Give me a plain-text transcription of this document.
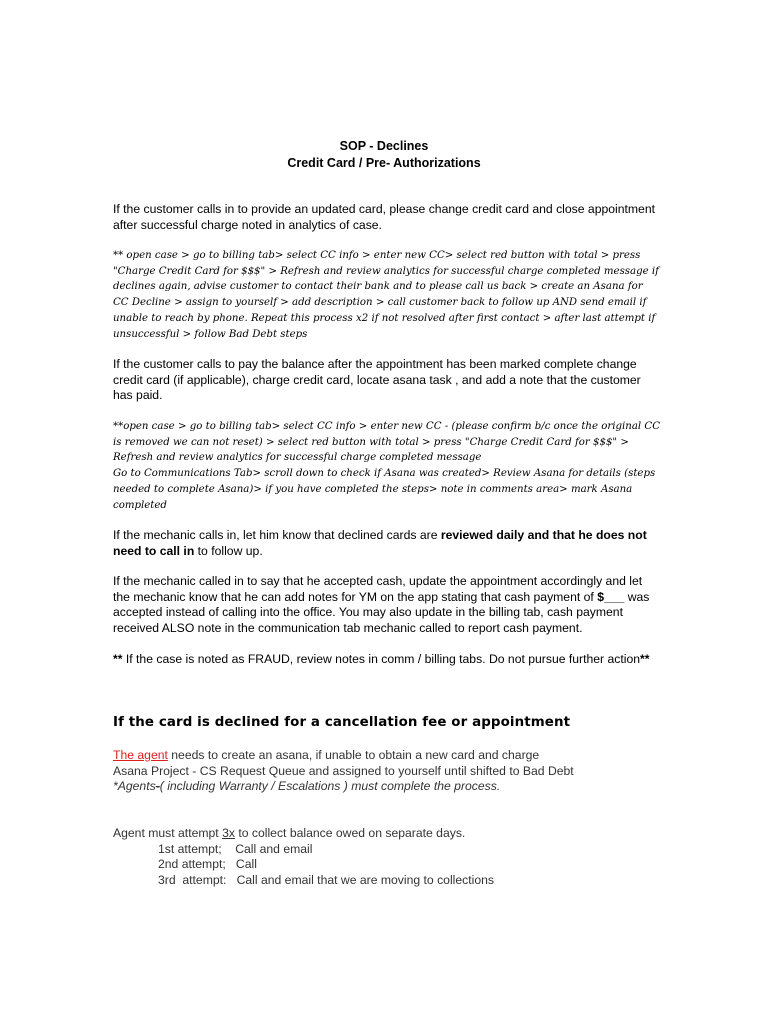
SOP - Declines
Credit Card / Pre- Authorizations

If the customer calls in to provide an updated card, please change credit card and close appointment after successful charge noted in analytics of case.

** open case > go to billing tab> select CC info > enter new CC> select red button with total > press "Charge Credit Card for $$$" > Refresh and review analytics for successful charge completed message if declines again, advise customer to contact their bank and to please call us back > create an Asana for CC Decline > assign to yourself > add description > call customer back to follow up AND send email if unable to reach by phone. Repeat this process x2 if not resolved after first contact > after last attempt if unsuccessful > follow Bad Debt steps

If the customer calls to pay the balance after the appointment has been marked complete change credit card (if applicable), charge credit card, locate asana task , and add a note that the customer has paid.

**open case > go to billing tab> select CC info > enter new CC - (please confirm b/c once the original CC is removed we can not reset) > select red button with total > press "Charge Credit Card for $$$" > Refresh and review analytics for successful charge completed message
Go to Communications Tab> scroll down to check if Asana was created> Review Asana for details (steps needed to complete Asana)> if you have completed the steps> note in comments area> mark Asana completed

If the mechanic calls in, let him know that declined cards are reviewed daily and that he does not need to call in to follow up.

If the mechanic called in to say that he accepted cash, update the appointment accordingly and let the mechanic know that he can add notes for YM on the app stating that cash payment of $___ was accepted instead of calling into the office. You may also update in the billing tab, cash payment received ALSO note in the communication tab mechanic called to report cash payment.

** If the case is noted as FRAUD, review notes in comm / billing tabs. Do not pursue further action**

If the card is declined for a cancellation fee or appointment
The agent needs to create an asana, if unable to obtain a new card and charge
Asana Project - CS Request Queue and assigned to yourself until shifted to Bad Debt
*Agents-( including Warranty / Escalations ) must complete the process.
Agent must attempt 3x to collect balance owed on separate days.
1st attempt;    Call and email
2nd attempt;   Call
3rd  attempt:   Call and email that we are moving to collections
